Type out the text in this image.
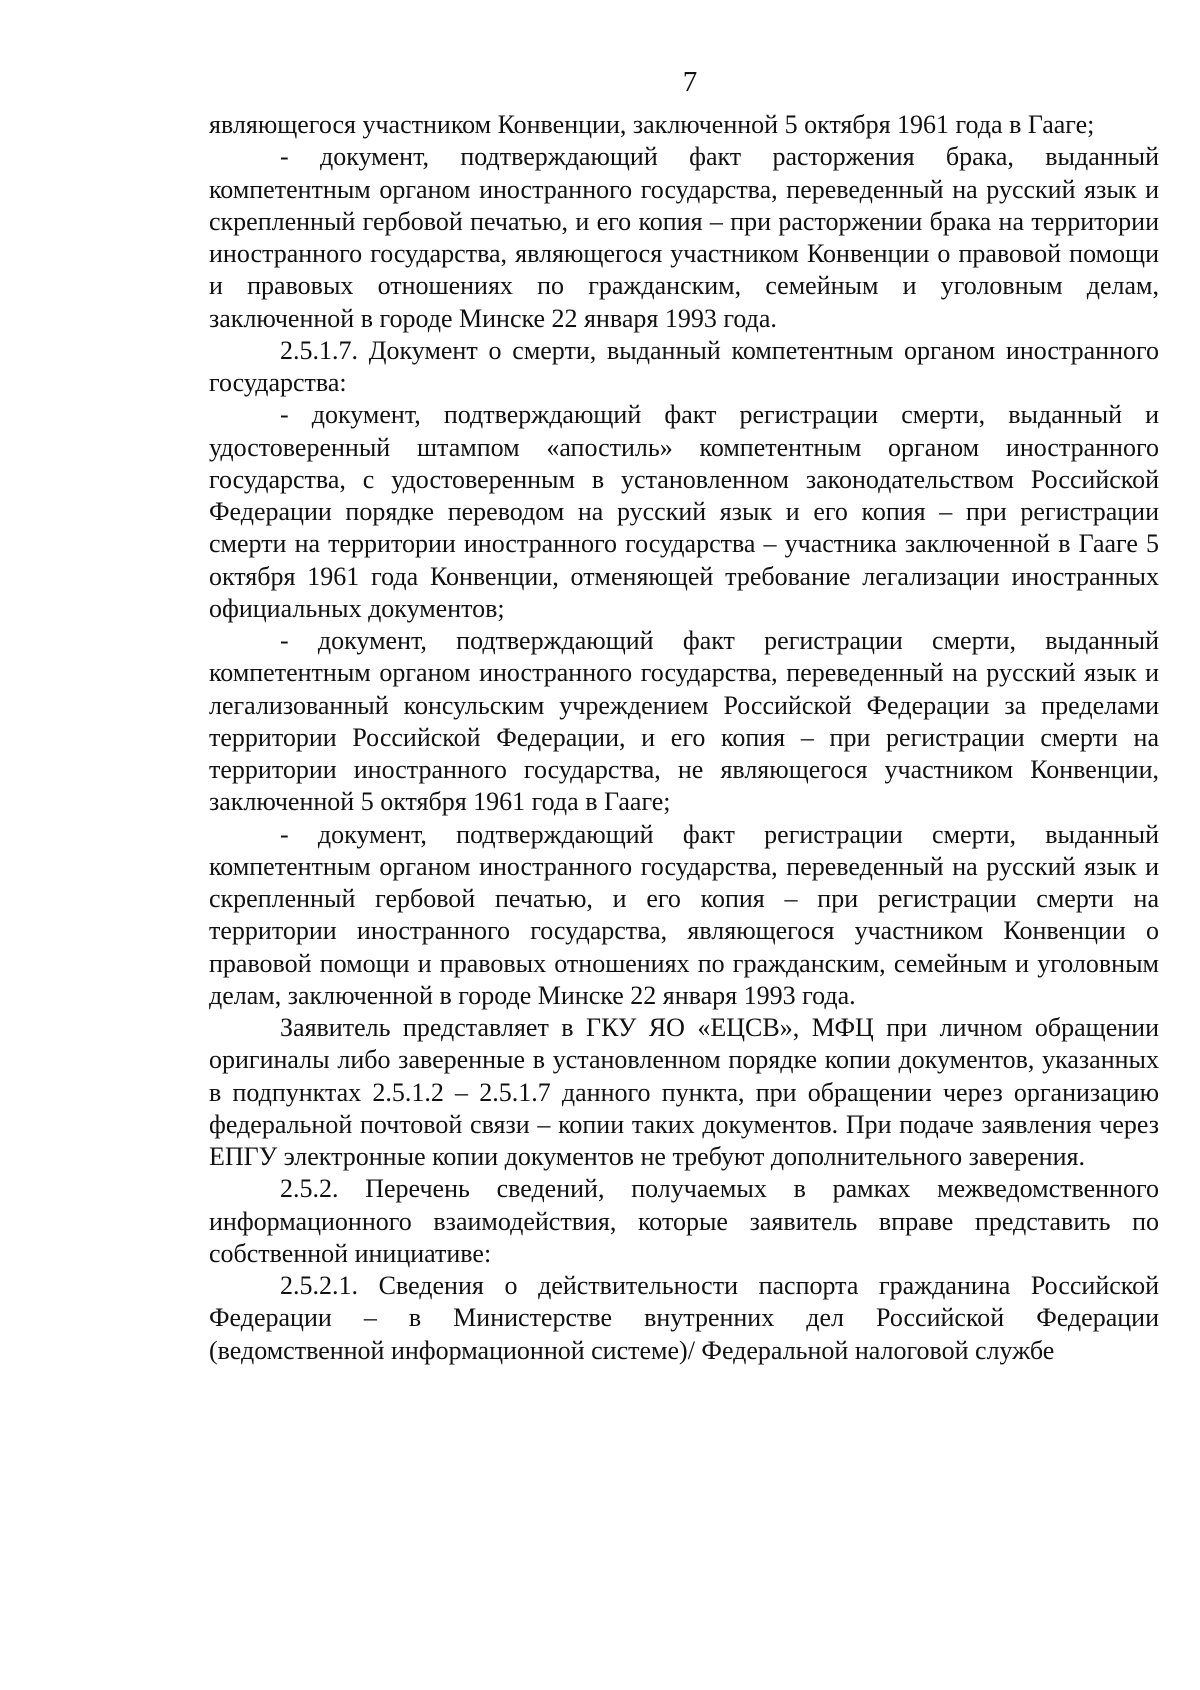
7

являющегося участником Конвенции, заключенной 5 октября 1961 года в Гааге;

- документ, подтверждающий факт расторжения брака, выданный компетентным органом иностранного государства, переведенный на русский язык и скрепленный гербовой печатью, и его копия – при расторжении брака на территории иностранного государства, являющегося участником Конвенции о правовой помощи и правовых отношениях по гражданским, семейным и уголовным делам, заключенной в городе Минске 22 января 1993 года.

2.5.1.7. Документ о смерти, выданный компетентным органом иностранного государства:

- документ, подтверждающий факт регистрации смерти, выданный и удостоверенный штампом «апостиль» компетентным органом иностранного государства, с удостоверенным в установленном законодательством Российской Федерации порядке переводом на русский язык и его копия – при регистрации смерти на территории иностранного государства – участника заключенной в Гааге 5 октября 1961 года Конвенции, отменяющей требование легализации иностранных официальных документов;

- документ, подтверждающий факт регистрации смерти, выданный компетентным органом иностранного государства, переведенный на русский язык и легализованный консульским учреждением Российской Федерации за пределами территории Российской Федерации, и его копия – при регистрации смерти на территории иностранного государства, не являющегося участником Конвенции, заключенной 5 октября 1961 года в Гааге;

- документ, подтверждающий факт регистрации смерти, выданный компетентным органом иностранного государства, переведенный на русский язык и скрепленный гербовой печатью, и его копия – при регистрации смерти на территории иностранного государства, являющегося участником Конвенции о правовой помощи и правовых отношениях по гражданским, семейным и уголовным делам, заключенной в городе Минске 22 января 1993 года.

Заявитель представляет в ГКУ ЯО «ЕЦСВ», МФЦ при личном обращении оригиналы либо заверенные в установленном порядке копии документов, указанных в подпунктах 2.5.1.2 – 2.5.1.7 данного пункта, при обращении через организацию федеральной почтовой связи – копии таких документов. При подаче заявления через ЕПГУ электронные копии документов не требуют дополнительного заверения.

2.5.2. Перечень сведений, получаемых в рамках межведомственного информационного взаимодействия, которые заявитель вправе представить по собственной инициативе:

2.5.2.1. Сведения о действительности паспорта гражданина Российской Федерации – в Министерстве внутренних дел Российской Федерации (ведомственной информационной системе)/ Федеральной налоговой службе
